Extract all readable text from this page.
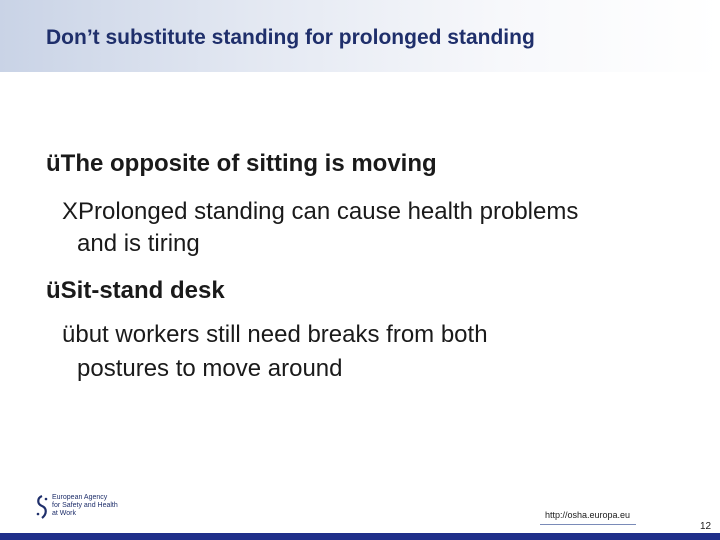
Don’t substitute standing for prolonged standing
üThe opposite of sitting is moving
XProlonged standing can cause health problems
and is tiring
üSit-stand desk
übut workers still need breaks from both
postures to move around
European Agency
for Safety and Health
at Work	http://osha.europa.eu
12
